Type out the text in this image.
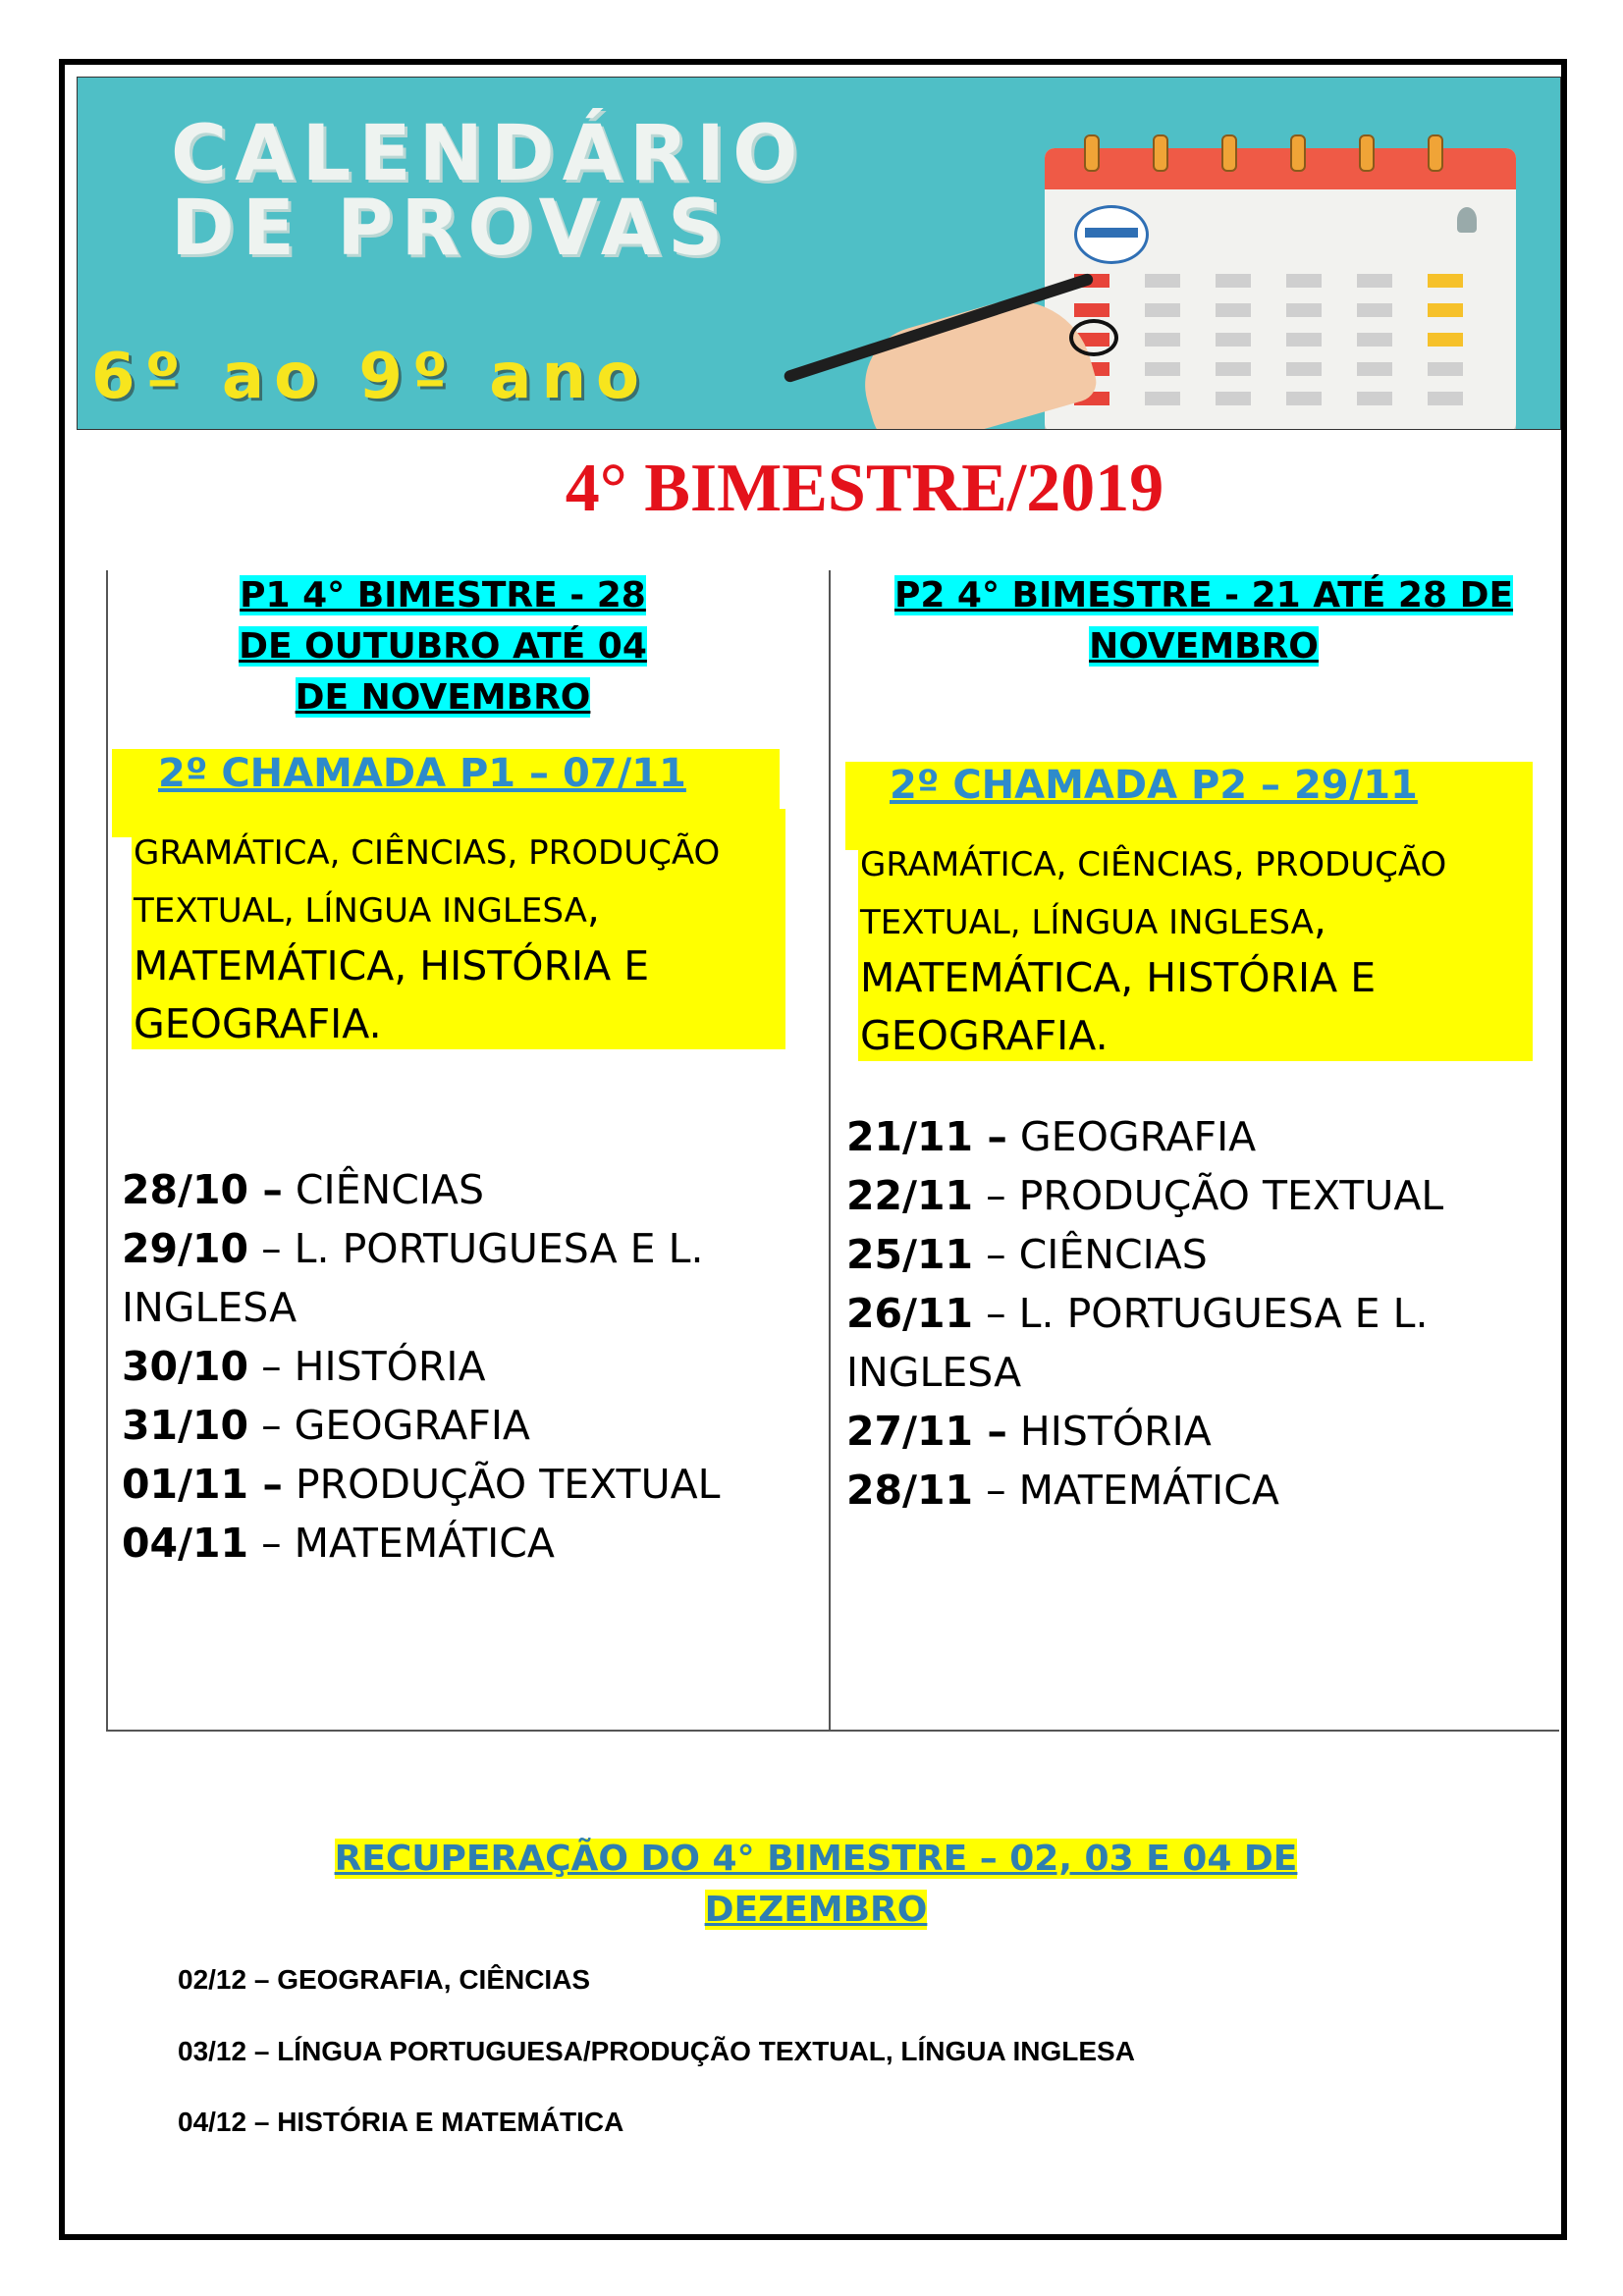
CALENDÁRIO
DE PROVAS
6º ao 9º ano
4° BIMESTRE/2019
P1 4° BIMESTRE - 28 DE OUTUBRO ATÉ 04 DE NOVEMBRO
2º CHAMADA P1 – 07/11
GRAMÁTICA, CIÊNCIAS, PRODUÇÃO TEXTUAL, LÍNGUA INGLESA, MATEMÁTICA, HISTÓRIA E GEOGRAFIA.
28/10 – CIÊNCIAS
29/10 – L. PORTUGUESA E L. INGLESA
30/10 – HISTÓRIA
31/10 – GEOGRAFIA
01/11 – PRODUÇÃO TEXTUAL
04/11 – MATEMÁTICA
P2 4° BIMESTRE - 21 ATÉ 28 DE NOVEMBRO
2º CHAMADA P2 – 29/11
GRAMÁTICA, CIÊNCIAS, PRODUÇÃO TEXTUAL, LÍNGUA INGLESA, MATEMÁTICA, HISTÓRIA E GEOGRAFIA.
21/11 – GEOGRAFIA
22/11 – PRODUÇÃO TEXTUAL
25/11 – CIÊNCIAS
26/11 – L. PORTUGUESA E L. INGLESA
27/11 – HISTÓRIA
28/11 – MATEMÁTICA
RECUPERAÇÃO DO 4° BIMESTRE – 02, 03 E 04 DE DEZEMBRO
02/12 – GEOGRAFIA, CIÊNCIAS
03/12 – LÍNGUA PORTUGUESA/PRODUÇÃO TEXTUAL, LÍNGUA INGLESA
04/12 – HISTÓRIA E MATEMÁTICA
